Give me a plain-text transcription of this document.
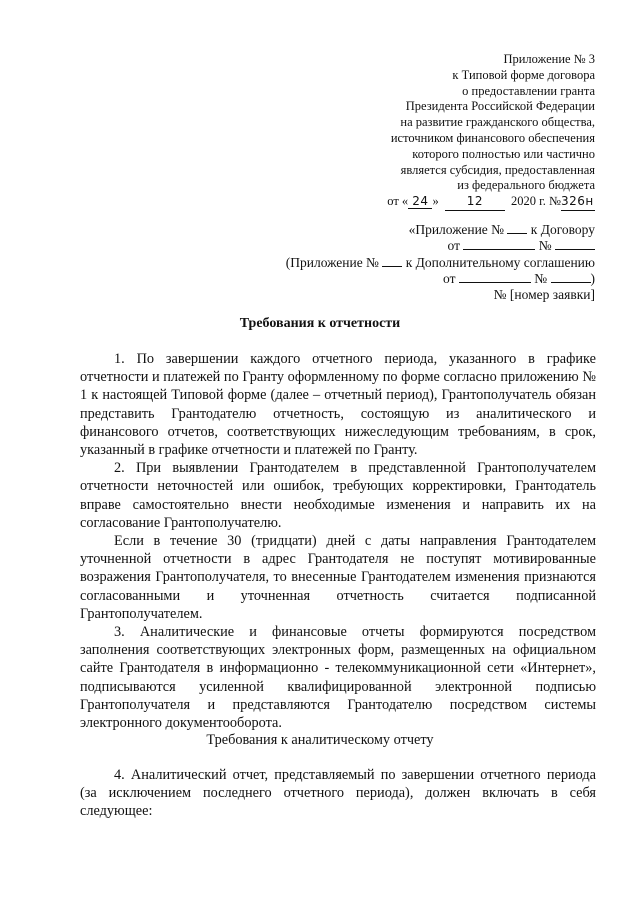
Приложение № 3
к Типовой форме договора
о предоставлении гранта
Президента Российской Федерации
на развитие гражданского общества,
источником финансового обеспечения
которого полностью или частично
является субсидия, предоставленная
из федерального бюджета
от « 24 » 12 2020 г. №326н
«Приложение № к Договору
от	№
(Приложение № к Дополнительному соглашению
от	№	)
№ [номер заявки]
Требования к отчетности

1. По завершении каждого отчетного периода, указанного в графике отчетности и платежей по Гранту оформленному по форме согласно приложению № 1 к настоящей Типовой форме (далее – отчетный период), Грантополучатель обязан представить Грантодателю отчетность, состоящую из аналитического и финансового отчетов, соответствующих нижеследующим требованиям, в срок, указанный в графике отчетности и платежей по Гранту.

2. При выявлении Грантодателем в представленной Грантополучателем отчетности неточностей или ошибок, требующих корректировки, Грантодатель вправе самостоятельно внести необходимые изменения и направить их на согласование Грантополучателю.

Если в течение 30 (тридцати) дней с даты направления Грантодателем уточненной отчетности в адрес Грантодателя не поступят мотивированные возражения Грантополучателя, то внесенные Грантодателем изменения признаются согласованными и уточненная отчетность считается подписанной Грантополучателем.

3. Аналитические и финансовые отчеты формируются посредством заполнения соответствующих электронных форм, размещенных на официальном сайте Грантодателя в информационно - телекоммуникационной сети «Интернет», подписываются усиленной квалифицированной электронной подписью Грантополучателя и представляются Грантодателю посредством системы электронного документооборота.

Требования к аналитическому отчету

4. Аналитический отчет, представляемый по завершении отчетного периода (за исключением последнего отчетного периода), должен включать в себя следующее:
